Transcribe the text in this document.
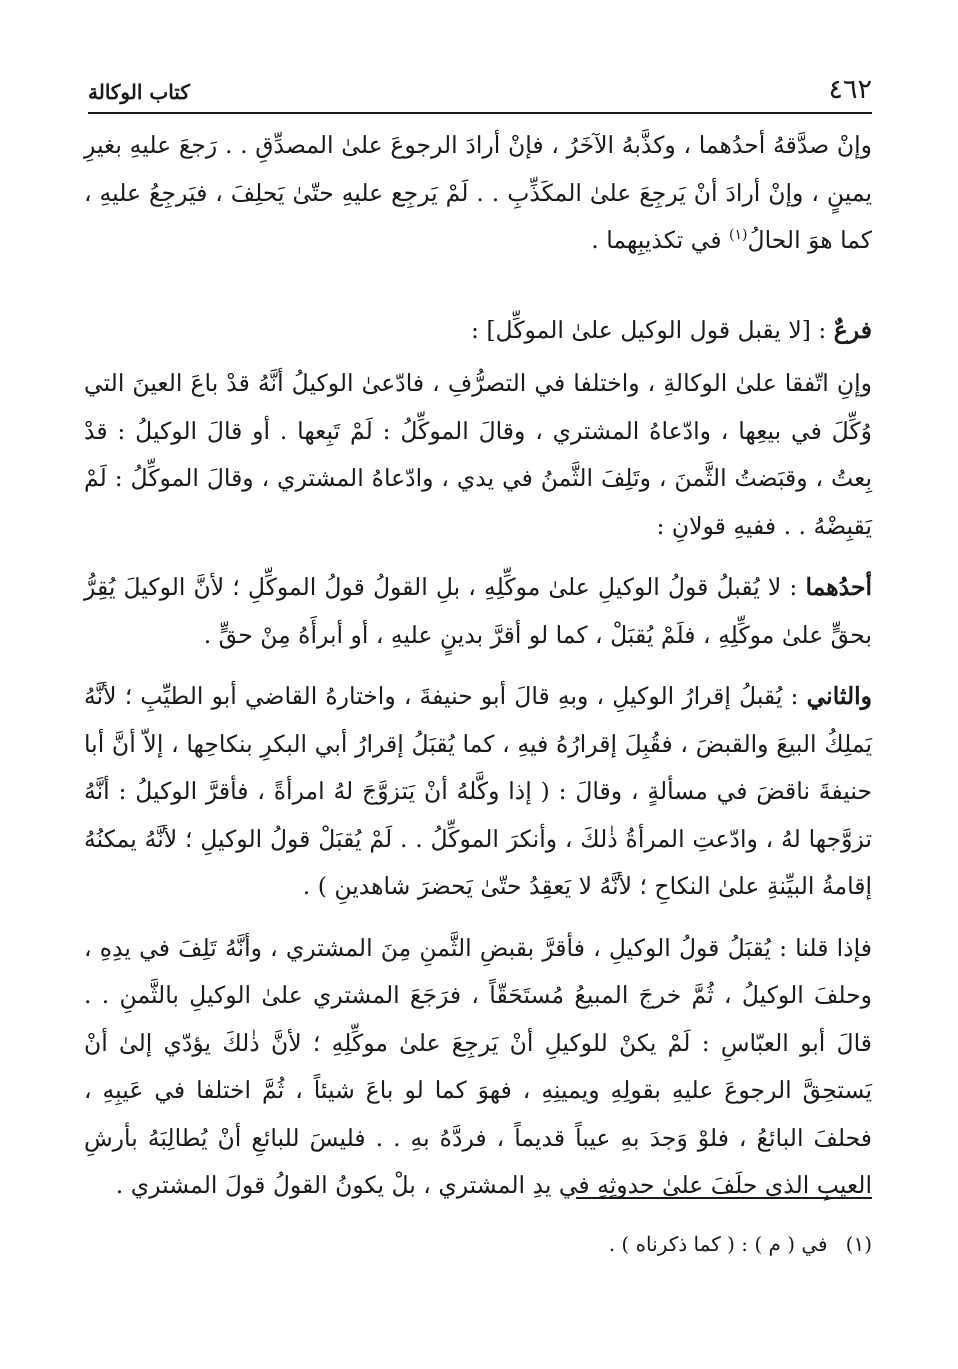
٤٦٢
كتاب الوكالة

وإنْ صدَّقهُ أحدُهما ، وكذَّبهُ الآخَرُ ، فإنْ أرادَ الرجوعَ علىٰ المصدِّقِ . . رَجعَ عليهِ بغيرِ يمينٍ ، وإنْ أرادَ أنْ يَرجِعَ علىٰ المكَذِّبِ . . لَمْ يَرجِع عليهِ حتّىٰ يَحلِفَ ، فيَرجِعُ عليهِ ، كما هوَ الحالُ$^{(١)}$ في تكذيبِهما .

فرعٌ : [لا يقبل قول الوكيل علىٰ الموكِّل] :

وإنِ اتّفقا علىٰ الوكالةِ ، واختلفا في التصرُّفِ ، فادّعىٰ الوكيلُ أنَّهُ قدْ باعَ العينَ التي وُكِّلَ في بيعِها ، وادّعاهُ المشتري ، وقالَ الموكِّلُ : لَمْ تَبِعها . أو قالَ الوكيلُ : قدْ بِعتُ ، وقبَضتُ الثَّمنَ ، وتَلِفَ الثَّمنُ في يدي ، وادّعاهُ المشتري ، وقالَ الموكِّلُ : لَمْ يَقبِضْهُ . . ففيهِ قولانِ :

أحدُهما : لا يُقبلُ قولُ الوكيلِ علىٰ موكِّلِهِ ، بلِ القولُ قولُ الموكِّلِ ؛ لأنَّ الوكيلَ يُقِرُّ بحقٍّ علىٰ موكِّلِهِ ، فلَمْ يُقبَلْ ، كما لو أقرَّ بدينٍ عليهِ ، أو أبرأَهُ مِنْ حقٍّ .

والثاني : يُقبلُ إقرارُ الوكيلِ ، وبهِ قالَ أبو حنيفةَ ، واختارهُ القاضي أبو الطيِّبِ ؛ لأنَّهُ يَملِكُ البيعَ والقبضَ ، فقُبِلَ إقرارُهُ فيهِ ، كما يُقبَلُ إقرارُ أبي البكرِ بنكاحِها ، إلاّ أنَّ أبا حنيفةَ ناقضَ في مسألةٍ ، وقالَ : ( إذا وكَّلهُ أنْ يَتزوَّجَ لهُ امرأةً ، فأقرَّ الوكيلُ : أنَّهُ تزوَّجها لهُ ، وادّعتِ المرأةُ ذٰلكَ ، وأنكرَ الموكِّلُ . . لَمْ يُقبَلْ قولُ الوكيلِ ؛ لأنَّهُ يمكنُهُ إقامةُ البيِّنةِ علىٰ النكاحِ ؛ لأنَّهُ لا يَعقِدُ حتّىٰ يَحضرَ شاهدينِ ) .

فإذا قلنا : يُقبَلُ قولُ الوكيلِ ، فأقرَّ بقبضِ الثَّمنِ مِنَ المشتري ، وأنَّهُ تَلِفَ في يدِهِ ، وحلفَ الوكيلُ ، ثُمَّ خرجَ المبيعُ مُستَحَقّاً ، فرَجَعَ المشتري علىٰ الوكيلِ بالثَّمنِ . . قالَ أبو العبّاسِ : لَمْ يكنْ للوكيلِ أنْ يَرجِعَ علىٰ موكِّلِهِ ؛ لأنَّ ذٰلكَ يؤدّي إلىٰ أنْ يَستحِقَّ الرجوعَ عليهِ بقولِهِ ويمينِهِ ، فهوَ كما لو باعَ شيئاً ، ثُمَّ اختلفا في عَيبِهِ ، فحلفَ البائعُ ، فلوْ وَجدَ بهِ عيباً قديماً ، فردَّهُ بهِ . . فليسَ للبائعِ أنْ يُطالِبَهُ بأرشِ العيبِ الذي حلَفَ علىٰ حدوثِهِ في يدِ المشتري ، بلْ يكونُ القولُ قولَ المشتري .

(١)في ( م ) : ( كما ذكرناه ) .
